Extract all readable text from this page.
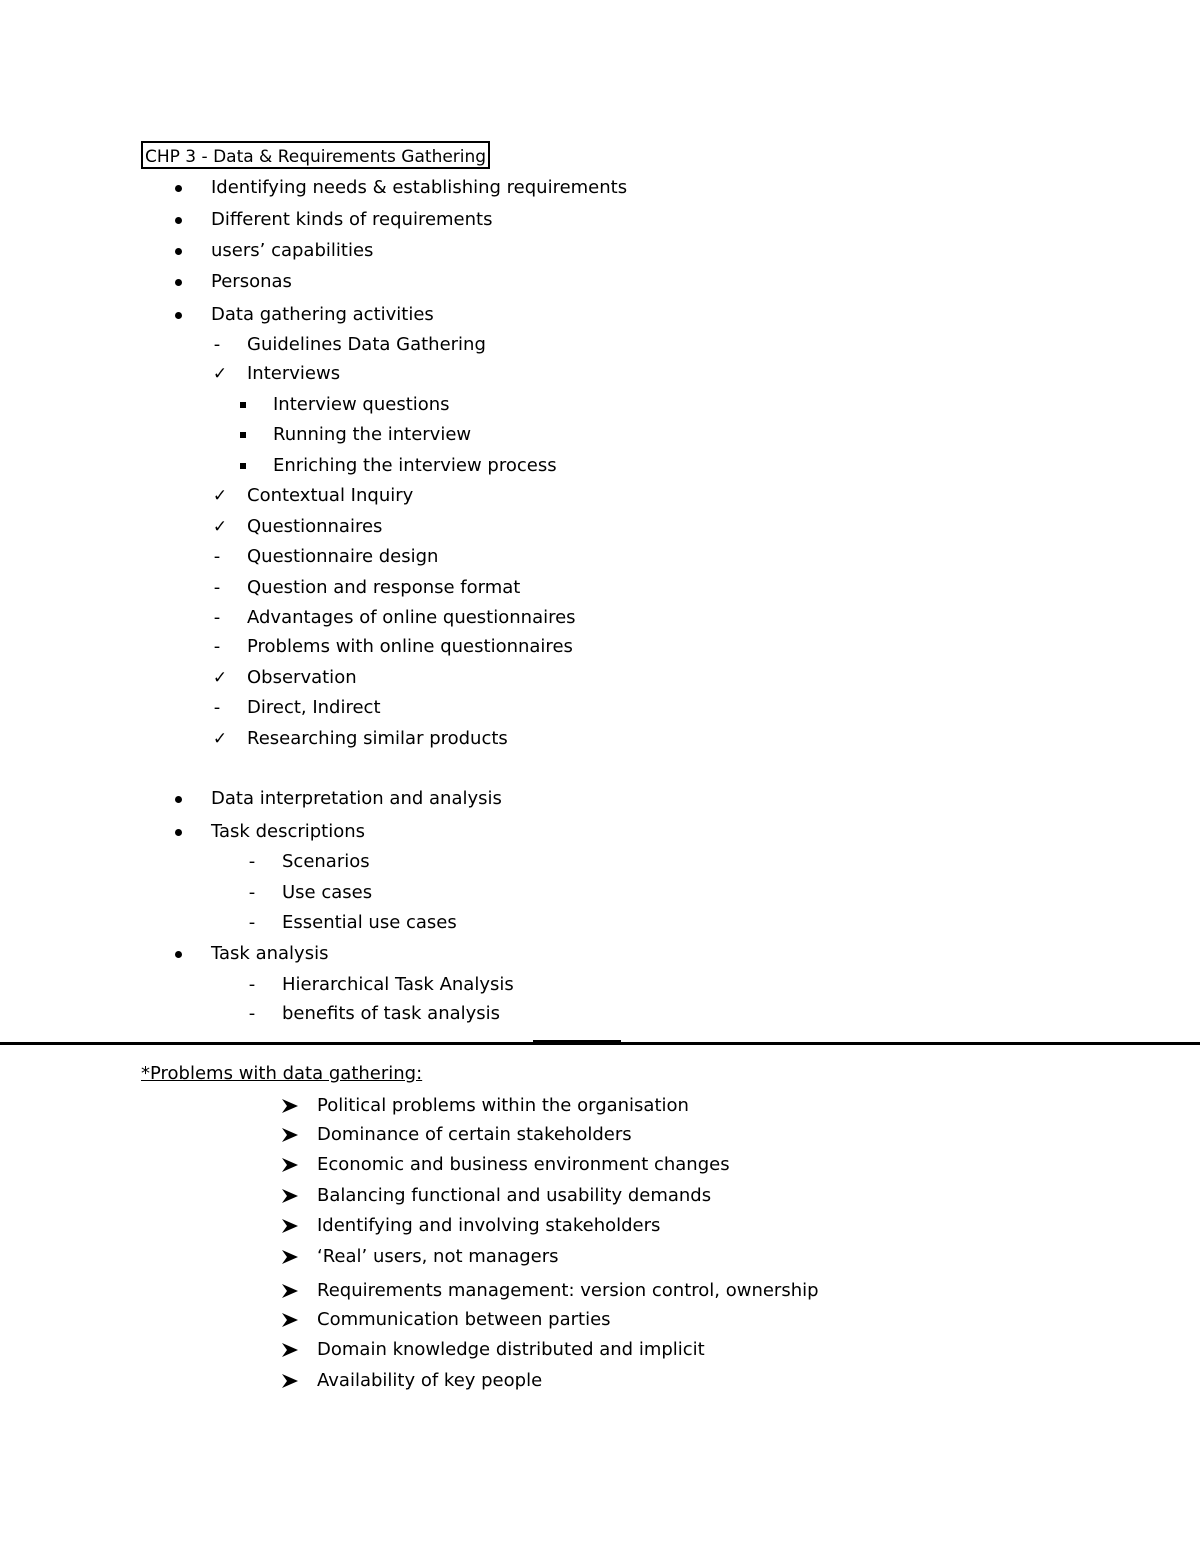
CHP 3 - Data & Requirements Gathering
Identifying needs & establishing requirements
Different kinds of requirements
users’ capabilities
Personas
Data gathering activities
-
Guidelines Data Gathering
✓
Interviews
Interview questions
Running the interview
Enriching the interview process
✓
Contextual Inquiry
✓
Questionnaires
-
Questionnaire design
-
Question and response format
-
Advantages of online questionnaires
-
Problems with online questionnaires
✓
Observation
-
Direct, Indirect
✓
Researching similar products
Data interpretation and analysis
Task descriptions
-
Scenarios
-
Use cases
-
Essential use cases
Task analysis
-
Hierarchical Task Analysis
-
benefits of task analysis
*Problems with data gathering:
Political problems within the organisation
Dominance of certain stakeholders
Economic and business environment changes
Balancing functional and usability demands
Identifying and involving stakeholders
‘Real’ users, not managers
Requirements management: version control, ownership
Communication between parties
Domain knowledge distributed and implicit
Availability of key people
